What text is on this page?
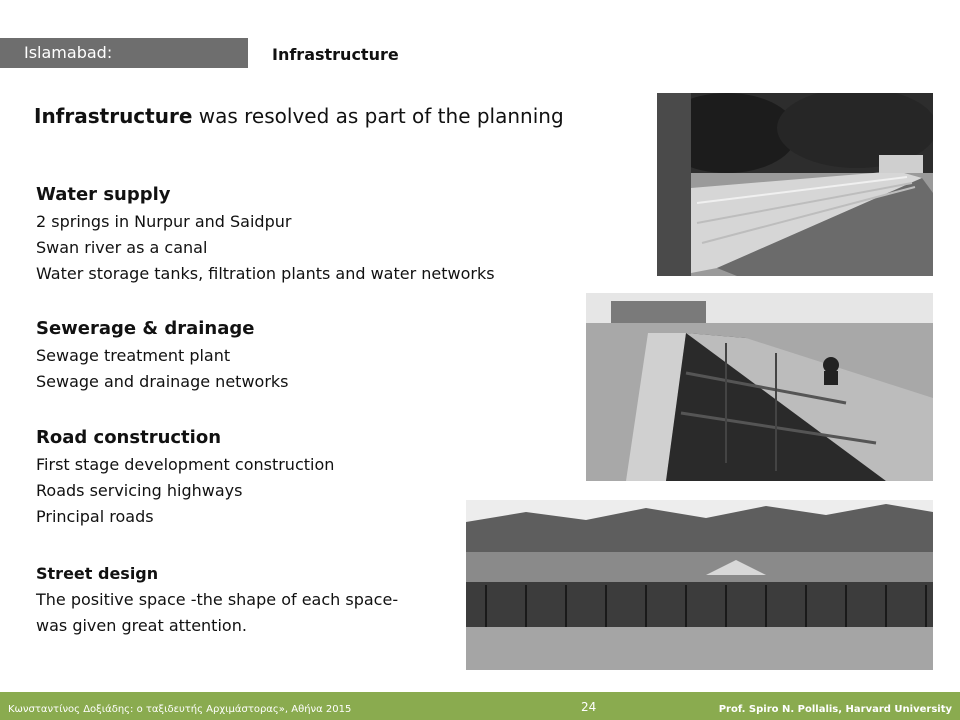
Islamabad:	Infrastructure
Infrastructure was resolved as part of the planning
Water supply
2 springs in Nurpur and Saidpur
Swan river as a canal
Water storage tanks, filtration plants and water networks
Sewerage & drainage
Sewage treatment plant
Sewage and drainage networks
Road construction
First stage development construction
Roads servicing highways
Principal roads
Street design
The positive space -the shape of each space-
was given great attention.
Κωνσταντίνος Δοξιάδης: ο ταξιδευτής Αρχιμάστορας», Αθήνα 2015	24	Prof. Spiro N. Pollalis, Harvard University
